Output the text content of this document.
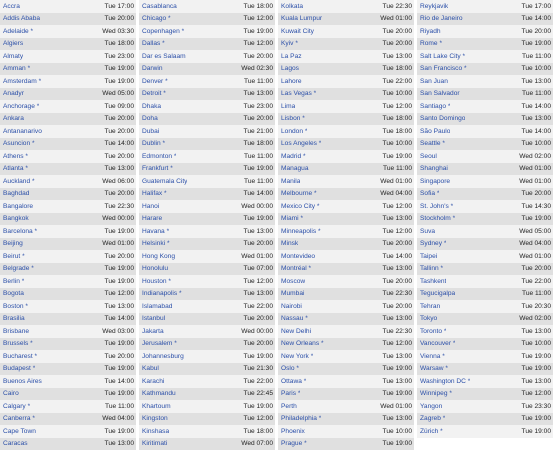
Accra	Tue 17:00
Addis Ababa	Tue 20:00
Adelaide *	Wed 03:30
Algiers	Tue 18:00
Almaty	Tue 23:00
Amman *	Tue 19:00
Amsterdam *	Tue 19:00
Anadyr	Wed 05:00
Anchorage *	Tue 09:00
Ankara	Tue 20:00
Antananarivo	Tue 20:00
Asuncion *	Tue 14:00
Athens *	Tue 20:00
Atlanta *	Tue 13:00
Auckland *	Wed 06:00
Baghdad	Tue 20:00
Bangalore	Tue 22:30
Bangkok	Wed 00:00
Barcelona *	Tue 19:00
Beijing	Wed 01:00
Beirut *	Tue 20:00
Belgrade *	Tue 19:00
Berlin *	Tue 19:00
Bogota	Tue 12:00
Boston *	Tue 13:00
Brasilia	Tue 14:00
Brisbane	Wed 03:00
Brussels *	Tue 19:00
Bucharest *	Tue 20:00
Budapest *	Tue 19:00
Buenos Aires	Tue 14:00
Cairo	Tue 19:00
Calgary *	Tue 11:00
Canberra *	Wed 04:00
Cape Town	Tue 19:00
Caracas	Tue 13:00
Casablanca	Tue 18:00
Chicago *	Tue 12:00
Copenhagen *	Tue 19:00
Dallas *	Tue 12:00
Dar es Salaam	Tue 20:00
Darwin	Wed 02:30
Denver *	Tue 11:00
Detroit *	Tue 13:00
Dhaka	Tue 23:00
Doha	Tue 20:00
Dubai	Tue 21:00
Dublin *	Tue 18:00
Edmonton *	Tue 11:00
Frankfurt *	Tue 19:00
Guatemala City	Tue 11:00
Halifax *	Tue 14:00
Hanoi	Wed 00:00
Harare	Tue 19:00
Havana *	Tue 13:00
Helsinki *	Tue 20:00
Hong Kong	Wed 01:00
Honolulu	Tue 07:00
Houston *	Tue 12:00
Indianapolis *	Tue 13:00
Islamabad	Tue 22:00
Istanbul	Tue 20:00
Jakarta	Wed 00:00
Jerusalem *	Tue 20:00
Johannesburg	Tue 19:00
Kabul	Tue 21:30
Karachi	Tue 22:00
Kathmandu	Tue 22:45
Khartoum	Tue 19:00
Kingston	Tue 12:00
Kinshasa	Tue 18:00
Kiritimati	Wed 07:00
Kolkata	Tue 22:30
Kuala Lumpur	Wed 01:00
Kuwait City	Tue 20:00
Kyiv *	Tue 20:00
La Paz	Tue 13:00
Lagos	Tue 18:00
Lahore	Tue 22:00
Las Vegas *	Tue 10:00
Lima	Tue 12:00
Lisbon *	Tue 18:00
London *	Tue 18:00
Los Angeles *	Tue 10:00
Madrid *	Tue 19:00
Managua	Tue 11:00
Manila	Wed 01:00
Melbourne *	Wed 04:00
Mexico City *	Tue 12:00
Miami *	Tue 13:00
Minneapolis *	Tue 12:00
Minsk	Tue 20:00
Montevideo	Tue 14:00
Montréal *	Tue 13:00
Moscow	Tue 20:00
Mumbai	Tue 22:30
Nairobi	Tue 20:00
Nassau *	Tue 13:00
New Delhi	Tue 22:30
New Orleans *	Tue 12:00
New York *	Tue 13:00
Oslo *	Tue 19:00
Ottawa *	Tue 13:00
Paris *	Tue 19:00
Perth	Wed 01:00
Philadelphia *	Tue 13:00
Phoenix	Tue 10:00
Prague *	Tue 19:00
Reykjavik	Tue 17:00
Rio de Janeiro	Tue 14:00
Riyadh	Tue 20:00
Rome *	Tue 19:00
Salt Lake City *	Tue 11:00
San Francisco *	Tue 10:00
San Juan	Tue 13:00
San Salvador	Tue 11:00
Santiago *	Tue 14:00
Santo Domingo	Tue 13:00
São Paulo	Tue 14:00
Seattle *	Tue 10:00
Seoul	Wed 02:00
Shanghai	Wed 01:00
Singapore	Wed 01:00
Sofia *	Tue 20:00
St. John's *	Tue 14:30
Stockholm *	Tue 19:00
Suva	Wed 05:00
Sydney *	Wed 04:00
Taipei	Wed 01:00
Tallinn *	Tue 20:00
Tashkent	Tue 22:00
Tegucigalpa	Tue 11:00
Tehran	Tue 20:30
Tokyo	Wed 02:00
Toronto *	Tue 13:00
Vancouver *	Tue 10:00
Vienna *	Tue 19:00
Warsaw *	Tue 19:00
Washington DC *	Tue 13:00
Winnipeg *	Tue 12:00
Yangon	Tue 23:30
Zagreb *	Tue 19:00
Zürich *	Tue 19:00
